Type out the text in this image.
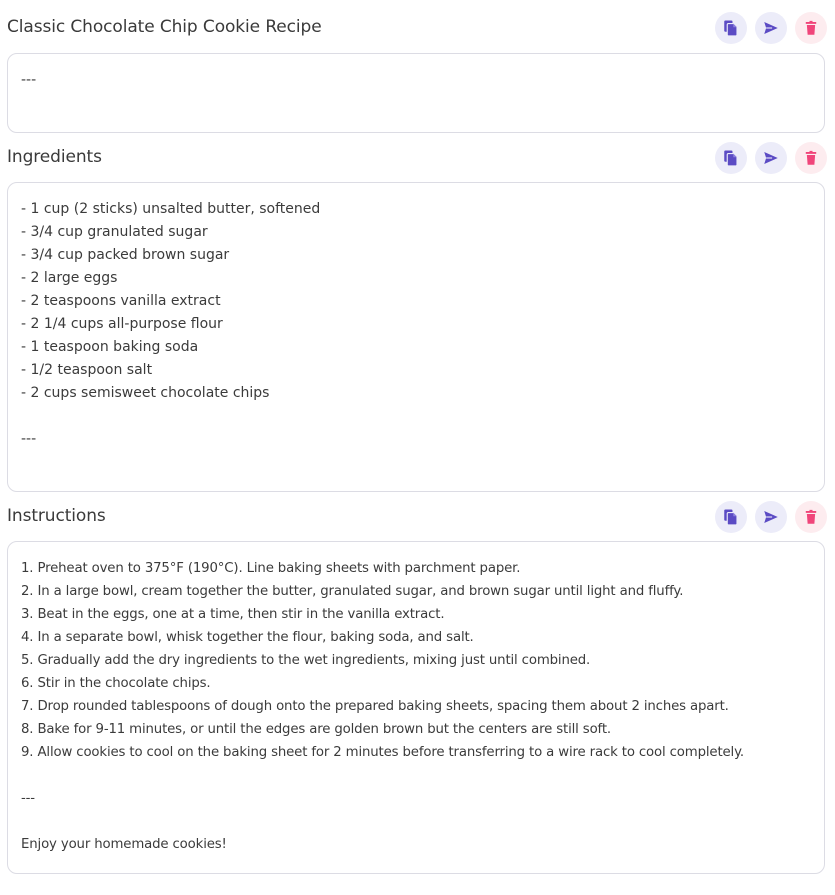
Classic Chocolate Chip Cookie Recipe
---
Ingredients
- 1 cup (2 sticks) unsalted butter, softened
- 3/4 cup granulated sugar
- 3/4 cup packed brown sugar
- 2 large eggs
- 2 teaspoons vanilla extract
- 2 1/4 cups all-purpose flour
- 1 teaspoon baking soda
- 1/2 teaspoon salt
- 2 cups semisweet chocolate chips
---
Instructions
1. Preheat oven to 375°F (190°C). Line baking sheets with parchment paper.
2. In a large bowl, cream together the butter, granulated sugar, and brown sugar until light and fluffy.
3. Beat in the eggs, one at a time, then stir in the vanilla extract.
4. In a separate bowl, whisk together the flour, baking soda, and salt.
5. Gradually add the dry ingredients to the wet ingredients, mixing just until combined.
6. Stir in the chocolate chips.
7. Drop rounded tablespoons of dough onto the prepared baking sheets, spacing them about 2 inches apart.
8. Bake for 9-11 minutes, or until the edges are golden brown but the centers are still soft.
9. Allow cookies to cool on the baking sheet for 2 minutes before transferring to a wire rack to cool completely.
---
Enjoy your homemade cookies!
